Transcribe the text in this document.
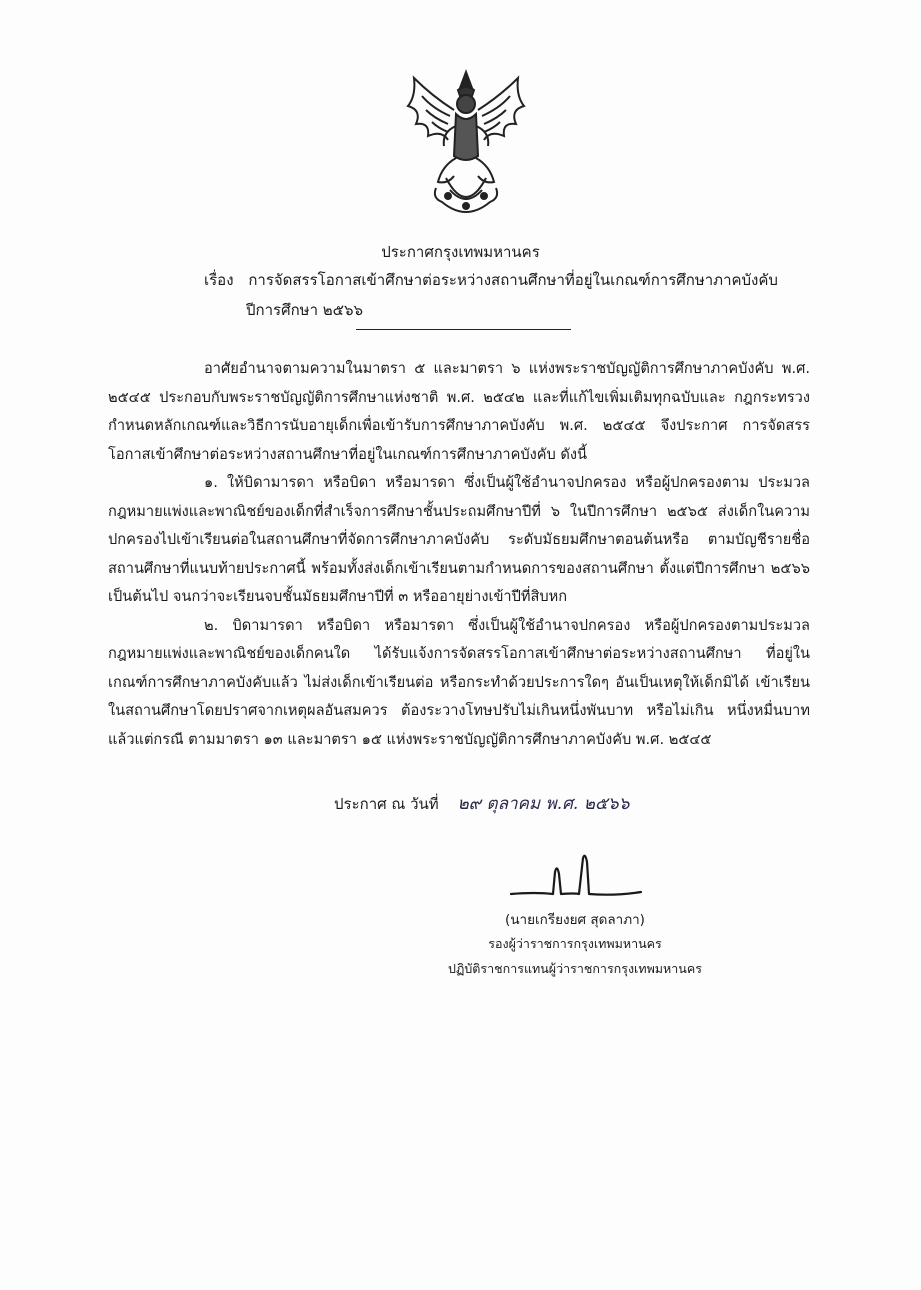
ประกาศกรุงเทพมหานคร
เรื่อง การจัดสรรโอกาสเข้าศึกษาต่อระหว่างสถานศึกษาที่อยู่ในเกณฑ์การศึกษาภาคบังคับ
ปีการศึกษา ๒๕๖๖

อาศัยอำนาจตามความในมาตรา ๕ และมาตรา ๖ แห่งพระราชบัญญัติการศึกษาภาคบังคับ พ.ศ. ๒๕๔๕ ประกอบกับพระราชบัญญัติการศึกษาแห่งชาติ พ.ศ. ๒๕๔๒ และที่แก้ไขเพิ่มเติมทุกฉบับและ กฎกระทรวงกำหนดหลักเกณฑ์และวิธีการนับอายุเด็กเพื่อเข้ารับการศึกษาภาคบังคับ พ.ศ. ๒๕๔๕ จึงประกาศ การจัดสรรโอกาสเข้าศึกษาต่อระหว่างสถานศึกษาที่อยู่ในเกณฑ์การศึกษาภาคบังคับ ดังนี้

๑. ให้บิดามารดา หรือบิดา หรือมารดา ซึ่งเป็นผู้ใช้อำนาจปกครอง หรือผู้ปกครองตาม ประมวลกฎหมายแพ่งและพาณิชย์ของเด็กที่สำเร็จการศึกษาชั้นประถมศึกษาปีที่ ๖ ในปีการศึกษา ๒๕๖๕ ส่งเด็กในความปกครองไปเข้าเรียนต่อในสถานศึกษาที่จัดการศึกษาภาคบังคับ ระดับมัธยมศึกษาตอนต้นหรือ ตามบัญชีรายชื่อสถานศึกษาที่แนบท้ายประกาศนี้ พร้อมทั้งส่งเด็กเข้าเรียนตามกำหนดการของสถานศึกษา ตั้งแต่ปีการศึกษา ๒๕๖๖ เป็นต้นไป จนกว่าจะเรียนจบชั้นมัธยมศึกษาปีที่ ๓ หรืออายุย่างเข้าปีที่สิบหก

๒. บิดามารดา หรือบิดา หรือมารดา ซึ่งเป็นผู้ใช้อำนาจปกครอง หรือผู้ปกครองตามประมวล กฎหมายแพ่งและพาณิชย์ของเด็กคนใด ได้รับแจ้งการจัดสรรโอกาสเข้าศึกษาต่อระหว่างสถานศึกษา ที่อยู่ใน เกณฑ์การศึกษาภาคบังคับแล้ว ไม่ส่งเด็กเข้าเรียนต่อ หรือกระทำด้วยประการใดๆ อันเป็นเหตุให้เด็กมิได้ เข้าเรียนในสถานศึกษาโดยปราศจากเหตุผลอันสมควร ต้องระวางโทษปรับไม่เกินหนึ่งพันบาท หรือไม่เกิน หนึ่งหมื่นบาท แล้วแต่กรณี ตามมาตรา ๑๓ และมาตรา ๑๕ แห่งพระราชบัญญัติการศึกษาภาคบังคับ พ.ศ. ๒๕๔๕

ประกาศ ณ วันที่ ๒๙ ตุลาคม พ.ศ. ๒๕๖๖
(นายเกรียงยศ สุดลาภา)
รองผู้ว่าราชการกรุงเทพมหานคร
ปฏิบัติราชการแทนผู้ว่าราชการกรุงเทพมหานคร
